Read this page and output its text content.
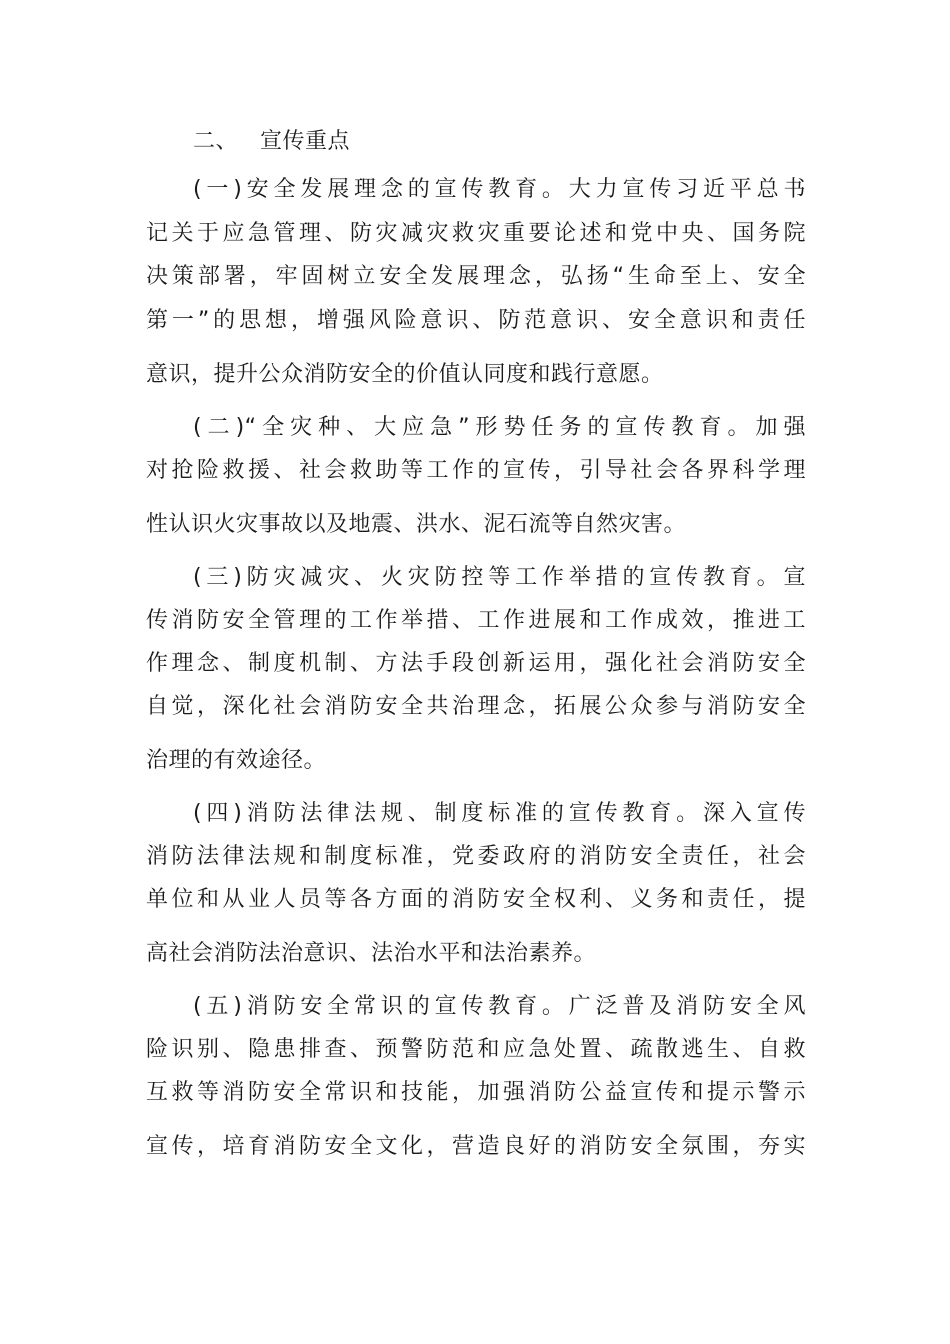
二、 宣传重点
(一)安全发展理念的宣传教育。大力宣传习近平总书
记关于应急管理、防灾减灾救灾重要论述和党中央、国务院
决策部署，牢固树立安全发展理念，弘扬“生命至上、安全
第一”的思想，增强风险意识、防范意识、安全意识和责任
意识，提升公众消防安全的价值认同度和践行意愿。
(二)“全灾种、大应急”形势任务的宣传教育。加强
对抢险救援、社会救助等工作的宣传，引导社会各界科学理
性认识火灾事故以及地震、洪水、泥石流等自然灾害。
(三)防灾减灾、火灾防控等工作举措的宣传教育。宣
传消防安全管理的工作举措、工作进展和工作成效，推进工
作理念、制度机制、方法手段创新运用，强化社会消防安全
自觉，深化社会消防安全共治理念，拓展公众参与消防安全
治理的有效途径。
(四)消防法律法规、制度标准的宣传教育。深入宣传
消防法律法规和制度标准，党委政府的消防安全责任，社会
单位和从业人员等各方面的消防安全权利、义务和责任，提
高社会消防法治意识、法治水平和法治素养。
(五)消防安全常识的宣传教育。广泛普及消防安全风
险识别、隐患排查、预警防范和应急处置、疏散逃生、自救
互救等消防安全常识和技能，加强消防公益宣传和提示警示
宣传，培育消防安全文化，营造良好的消防安全氛围，夯实
